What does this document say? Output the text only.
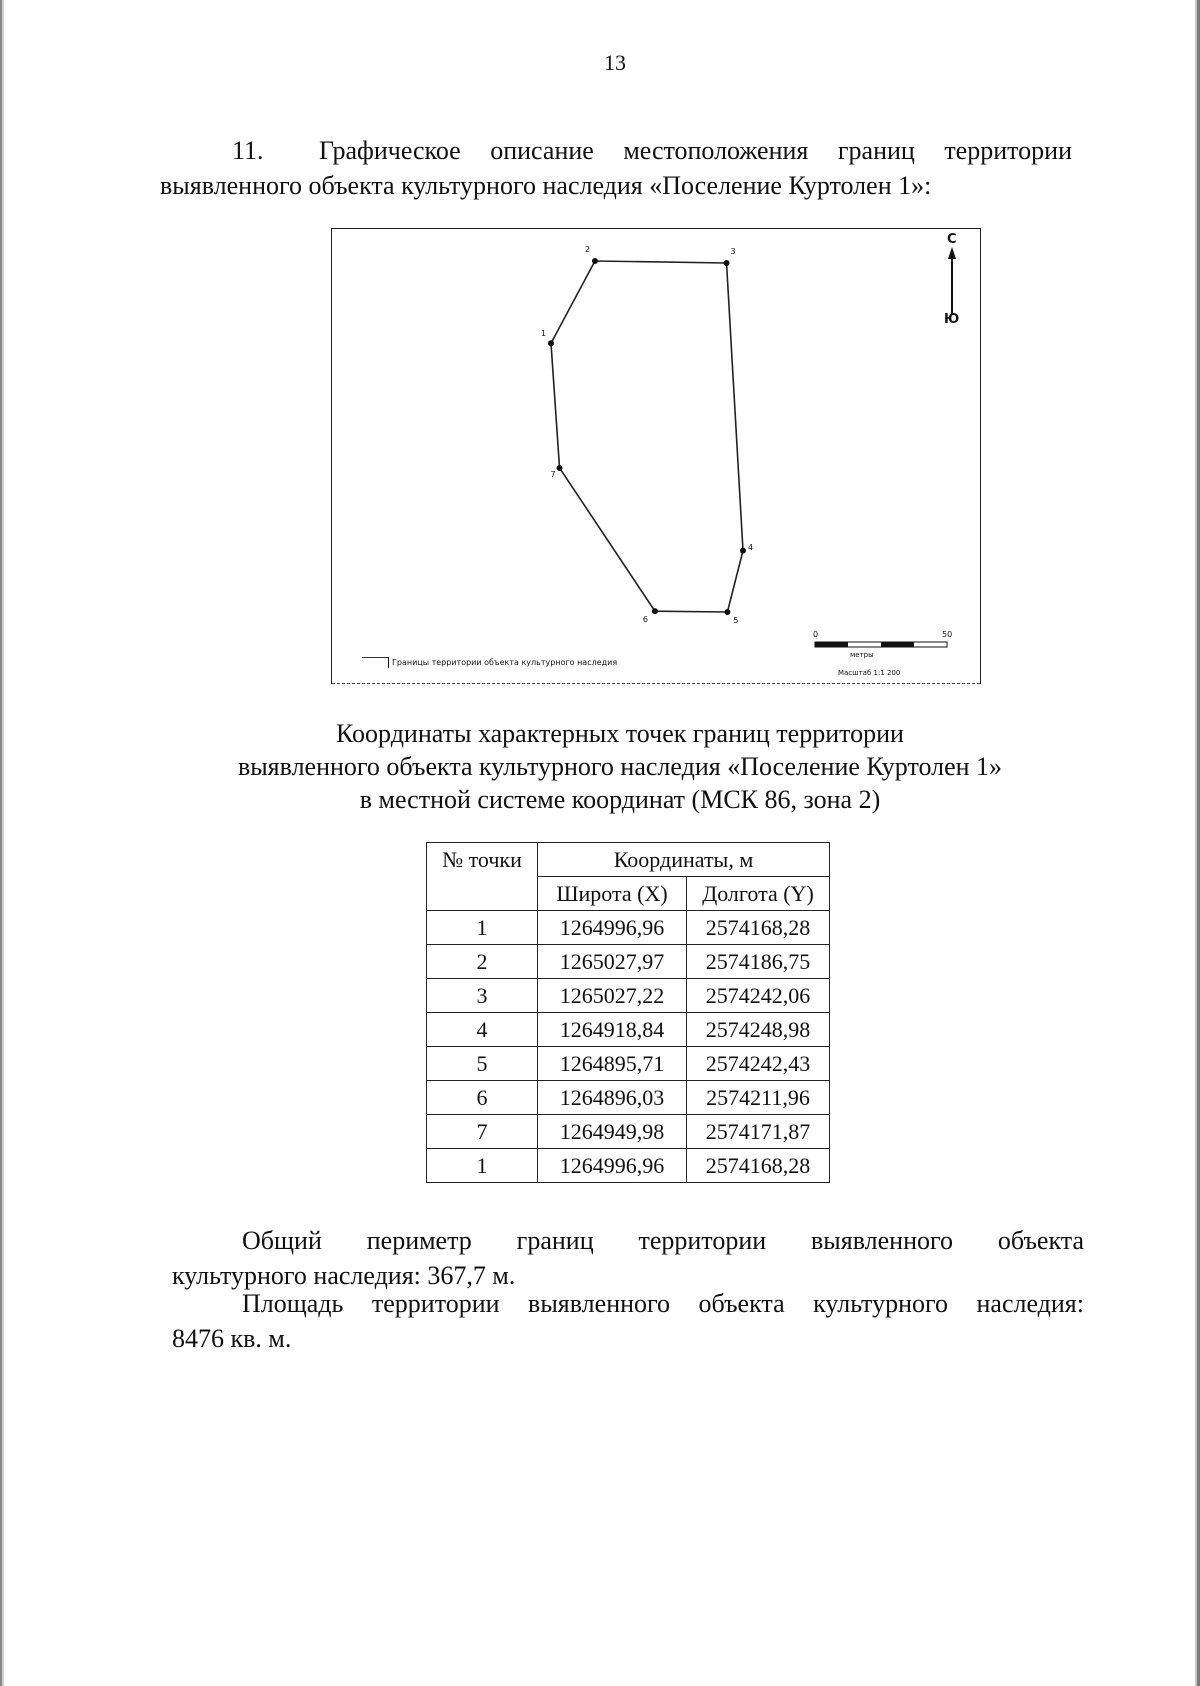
13
11. Графическое описание местоположения границ территории
выявленного объекта культурного наследия «Поселение Куртолен 1»:
С
Ю
0	50
метры
Масштаб 1:1 200
Границы территории объекта культурного наследия
1
2	3
4
5
6
7
Координаты характерных точек границ территории
выявленного объекта культурного наследия «Поселение Куртолен 1»
в местной системе координат (МСК 86, зона 2)
№ точки	Координаты, м	
	Широта (X)	Долгота (Y)
1	1264996,96	2574168,28
2	1265027,97	2574186,75
3	1265027,22	2574242,06
4	1264918,84	2574248,98
5	1264895,71	2574242,43
6	1264896,03	2574211,96
7	1264949,98	2574171,87
1	1264996,96	2574168,28
Общий периметр границ территории выявленного объекта
культурного наследия: 367,7 м.
Площадь территории выявленного объекта культурного наследия:
8476 кв. м.
